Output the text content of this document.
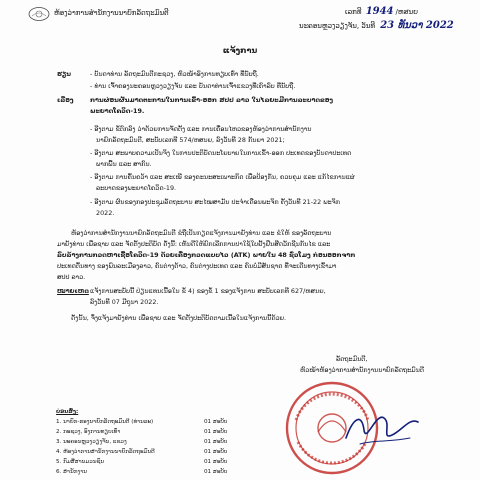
ຫ້ອງວ່າການສຳນັກງານນາຍົກລັດຖະມົນຕີ	ເລກທີ 1944 /ຫສນຍ
ນະຄອນຫຼວງວຽງຈັນ, ວັນທີ 23 ທັນວາ 2022
ແຈ້ງການ
ຮຽນ	- ບັນດາທ່ານ ລັດຖະມົນຕີກະຊວງ, ຫົວໜ້າອົງການທຽບເທົ່າ ທີ່ນັບຖື.
- ທ່ານ ເຈົ້າຄອງນະຄອນຫຼວງວຽງຈັນ ແລະ ບັນດາທ່ານເຈົ້າແຂວງທີ່ເຄົາລົບ ທີ່ນັບຖື.
ເລື່ອງ	ການຜ່ອນຜັນມາດຕະການໃນການເຂົ້າ-ອອກ ສປປ ລາວ ໃນໄລຍະມີການລະບາດຂອງ
ພະຍາດໂຄວິດ-19.
- ອີງຕາມ ຂໍ້ຕົກລົງ ວ່າດ້ວຍການຈັດຕັ້ງ ແລະ ການເຄື່ອນໄຫວຂອງຫ້ອງວ່າການສຳນັກງານ
ນາຍົກລັດຖະມົນຕີ, ສະບັບເລກທີ 574/ຫສນຍ, ລົງວັນທີ 28 ກັນຍາ 2021;
- ອີງຕາມ ສະພາບຄວາມເປັນຈິງ ໃນການປະຕິບັດນະໂຍບາຍໃນການເຂົ້າ-ອອກ ປະເທດຂອງບັນດາປະເທດ
ພາກພື້ນ ແລະ ສາກົນ.
- ອີງຕາມ ການຄົ້ນຄວ້າ ແລະ ສະເໜີ ຂອງຄະນະສະເພາະກິດ ເພື່ອປ້ອງກັນ, ຄວບຄຸມ ແລະ ແກ້ໄຂການແຜ່
ລະບາດຂອງພະຍາດໂຄວິດ-19.
- ອີງຕາມ ຜົນຂອງກອງປະຊຸມລັດຖະບານ ສະໄໝສາມັນ ປະຈຳເດືອນພະຈິກ ຄັ້ງວັນທີ 21-22 ພະຈິກ
2022.
ຫ້ອງວ່າການສຳນັກງານນາຍົກລັດຖະມົນຕີ ຂໍຖືເປັນກຽດແຈ້ງການມາຍັງທ່ານ ແລະ ຂໍໃຫ້ ຂອງລັດຖະບານ
ມາຍັງທ່ານ ເພື່ອຊາບ ແລະ ຈັດຕັ້ງປະຕິບັດ ດັ່ງນີ້: ເຫັນດີໃຫ້ຍົກເລີກການປາໃຊ້ໃບຢັ້ງຢືນສີດວັກຊີນກັນໄຂ ແລະ
ລົບລ້າງການກວດຫາເຊື້ອໂຄວິດ-19 ດ້ວຍເຄື່ອງກວດແບບໄວ (ATK) ພາຍໃນ 48 ຊົ່ວໂມງ ກ່ອນອອກຈາກ
ປະເທດຕົ້ນທາງ ຂອງພົນລະເມືອງລາວ, ຄົນຕ່າງດ້າວ, ຄົນຕ່າງປະເທດ ແລະ ຄົນບໍ່ມີສັນຊາດ ທີ່ຈະເດີນທາງເຂົ້າມາ
ສປປ ລາວ.
ໝາຍເຫດ
: ແຈ້ງການສະບັບນີ້ ປ່ຽນແທນເນື້ອໃນ ຂໍ້ 4) ຂອງຂໍ້ 1 ຂອງແຈ້ງການ ສະບັບເລກທີ 627/ຫສນຍ,
ລົງວັນທີ 07 ມີຖຸນາ 2022.
ດັ່ງນັ້ນ, ຈຶ່ງແຈ້ງມາຍັງທ່ານ ເພື່ອຊາບ ແລະ ຈັດຕັ້ງປະຕິບັດຕາມເນື້ອໃນແຈ້ງການນີ້ດ້ວຍ.
ລັດຖະມົນຕີ,
ຫົວໜ້າຫ້ອງວ່າການສຳນັກງານນາຍົກລັດຖະມົນຕີ
ບ່ອນສົ່ງ:
1. ນາຍົກ-ຮອງນາຍົກລັດຖະມົນຕີ (ທ່ານລະ)	01 ສະບັບ
2. ກະຊວງ, ອົງການທຽບເທົ່າ	01 ສະບັບ
3. ນະຄອນຫຼວງວຽງຈັນ, ແຂວງ	01 ສະບັບ
4. ຫ້ອງວ່າການສຳນັກງານນາຍົກລັດຖະມົນຕີ	01 ສະບັບ
5. ກົມສື່ສານມວນຊົນ	01 ສະບັບ
6. ສຳນັກງານ	01 ສະບັບ
